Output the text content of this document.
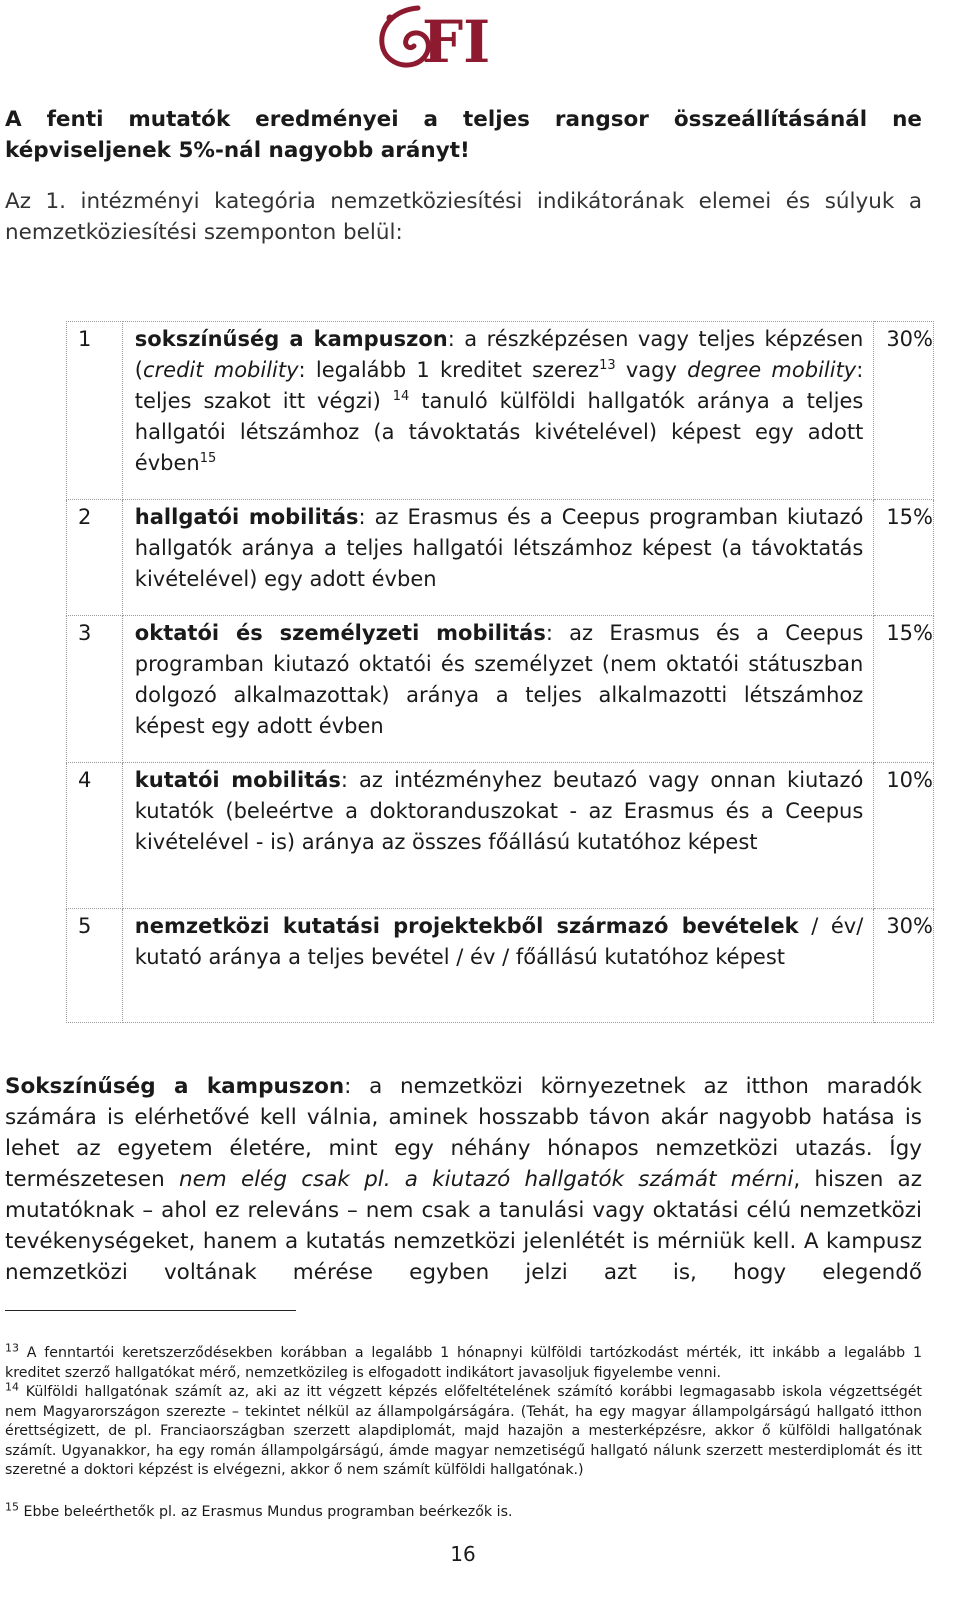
FI

A fenti mutatók eredményei a teljes rangsor összeállításánál ne képviseljenek 5%-nál nagyobb arányt!

Az 1. intézményi kategória nemzetköziesítési indikátorának elemei és súlyuk a nemzetköziesítési szemponton belül:

1	sokszínűség a kampuszon: a részképzésen vagy teljes képzésen (credit mobility: legalább 1 kreditet szerez$^{13}$ vagy degree mobility: teljes szakot itt végzi) $^{14}$ tanuló külföldi hallgatók aránya a teljes hallgatói létszámhoz (a távoktatás kivételével) képest egy adott évben$^{15}$	30%
2	hallgatói mobilitás: az Erasmus és a Ceepus programban kiutazó hallgatók aránya a teljes hallgatói létszámhoz képest (a távoktatás kivételével) egy adott évben	15%
3	oktatói és személyzeti mobilitás: az Erasmus és a Ceepus programban kiutazó oktatói és személyzet (nem oktatói státuszban dolgozó alkalmazottak) aránya a teljes alkalmazotti létszámhoz képest egy adott évben	15%
4	kutatói mobilitás: az intézményhez beutazó vagy onnan kiutazó kutatók (beleértve a doktoranduszokat - az Erasmus és a Ceepus kivételével - is) aránya az összes főállású kutatóhoz képest	10%
5	nemzetközi kutatási projektekből származó bevételek / év/ kutató aránya a teljes bevétel / év / főállású kutatóhoz képest	30%

Sokszínűség a kampuszon: a nemzetközi környezetnek az itthon maradók számára is elérhetővé kell válnia, aminek hosszabb távon akár nagyobb hatása is lehet az egyetem életére, mint egy néhány hónapos nemzetközi utazás. Így természetesen nem elég csak pl. a kiutazó hallgatók számát mérni, hiszen az mutatóknak – ahol ez releváns – nem csak a tanulási vagy oktatási célú nemzetközi tevékenységeket, hanem a kutatás nemzetközi jelenlétét is mérniük kell. A kampusz nemzetközi voltának mérése egyben jelzi azt is, hogy elegendő

$^{13}$ A fenntartói keretszerződésekben korábban a legalább 1 hónapnyi külföldi tartózkodást mérték, itt inkább a legalább 1 kreditet szerző hallgatókat mérő, nemzetközileg is elfogadott indikátort javasoljuk figyelembe venni.

$^{14}$ Külföldi hallgatónak számít az, aki az itt végzett képzés előfeltételének számító korábbi legmagasabb iskola végzettségét nem Magyarországon szerezte – tekintet nélkül az állampolgárságára. (Tehát, ha egy magyar állampolgárságú hallgató itthon érettségizett, de pl. Franciaországban szerzett alapdiplomát, majd hazajön a mesterképzésre, akkor ő külföldi hallgatónak számít. Ugyanakkor, ha egy román állampolgárságú, ámde magyar nemzetiségű hallgató nálunk szerzett mesterdiplomát és itt szeretné a doktori képzést is elvégezni, akkor ő nem számít külföldi hallgatónak.)

$^{15}$ Ebbe beleérthetők pl. az Erasmus Mundus programban beérkezők is.

16
